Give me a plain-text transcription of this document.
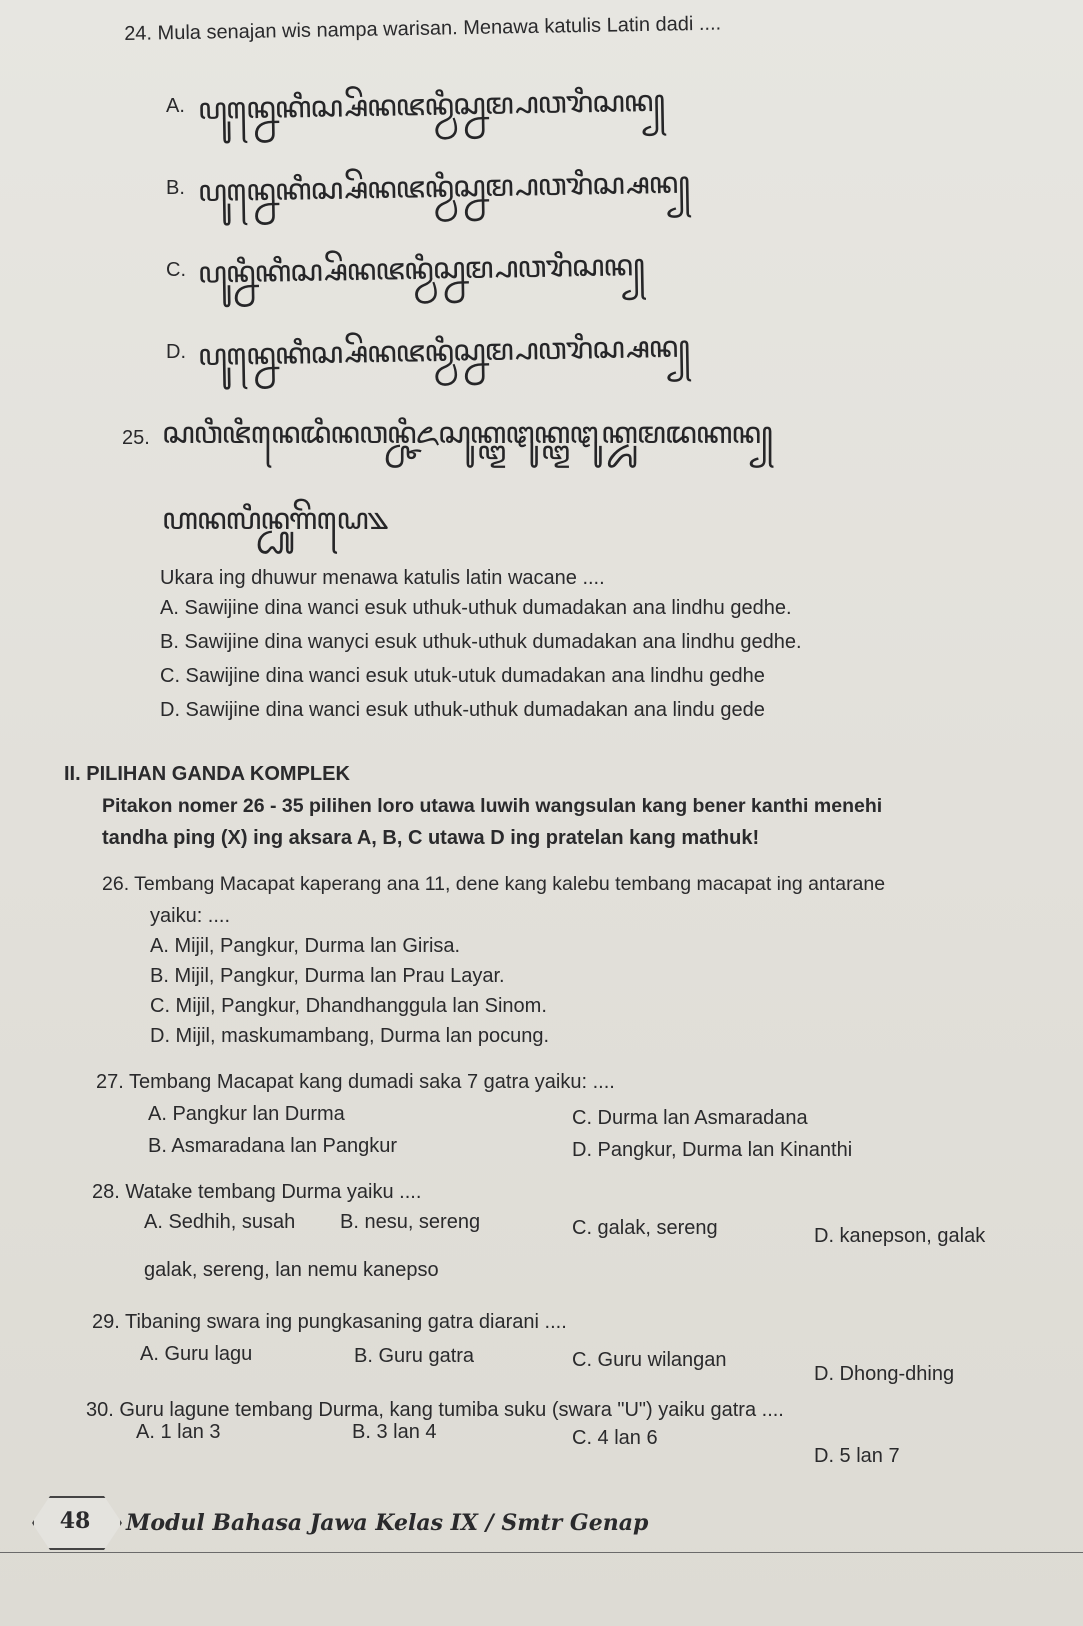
24. Mula senajan wis nampa warisan. Menawa katulis Latin dadi ....
A. ꦥꦸꦤ꧀ꦤꦺꦏꦶꦱ꧀ꦱꦼꦤꦗꦤ꧀ꦮꦶꦱ꧀ꦤꦩ꧀ꦥꦮꦫꦶꦱꦤ꧀
B. ꦥꦸꦤ꧀ꦤꦺꦏꦶꦱ꧀ꦱꦼꦤꦗꦤ꧀ꦮꦶꦱ꧀ꦤꦩ꧀ꦥꦮꦫꦶꦱ꧀ꦱꦤ꧀
C. ꦥꦸꦤ꧀ꦤꦶꦏꦶꦱ꧀ꦱꦼꦤꦗꦤ꧀ꦮꦶꦱ꧀ꦤꦩ꧀ꦥꦮꦫꦶꦱꦤ꧀
D. ꦥꦸꦤ꧀ꦤꦺꦏꦶꦱ꧀ꦱꦼꦤꦗꦤ꧀ꦮꦶꦱ꧀ꦤꦩ꧀ꦥꦮꦫꦶꦱ꧀ꦱꦤ꧀
25. ꦱꦮꦶꦗꦶꦤꦺꦢꦶꦤꦮꦤ꧀ꦕꦶꦌꦱꦸꦏ꧀ꦈꦛꦸꦏ꧀ꦈꦛꦸꦏ꧀ꦢꦸꦩꦢꦏꦤ꧀
ꦲꦤꦭꦶꦤ꧀ꦝꦸꦒꦼꦝꦺ꧉
Ukara ing dhuwur menawa katulis latin wacane ....
A. Sawijine dina wanci esuk uthuk-uthuk dumadakan ana lindhu gedhe.
B. Sawijine dina wanyci esuk uthuk-uthuk dumadakan ana lindhu gedhe.
C. Sawijine dina wanci esuk utuk-utuk dumadakan ana lindhu gedhe
D. Sawijine dina wanci esuk uthuk-uthuk dumadakan ana lindu gede
II. PILIHAN GANDA KOMPLEK
Pitakon nomer 26 - 35 pilihen loro utawa luwih wangsulan kang bener kanthi menehi
tandha ping (X) ing aksara A, B, C utawa D ing pratelan kang mathuk!
26. Tembang Macapat kaperang ana 11, dene kang kalebu tembang macapat ing antarane
yaiku: ....
A. Mijil, Pangkur, Durma lan Girisa.
B. Mijil, Pangkur, Durma lan Prau Layar.
C. Mijil, Pangkur, Dhandhanggula lan Sinom.
D. Mijil, maskumambang, Durma lan pocung.
27. Tembang Macapat kang dumadi saka 7 gatra yaiku: ....
A. Pangkur lan Durma	C. Durma lan Asmaradana
B. Asmaradana lan Pangkur	D. Pangkur, Durma lan Kinanthi
28. Watake tembang Durma yaiku ....
A. Sedhih, susah B. nesu, sereng	C. galak, sereng	D. kanepson, galak
galak, sereng, lan nemu kanepso
29. Tibaning swara ing pungkasaning gatra diarani ....
A. Guru lagu	B. Guru gatra	C. Guru wilangan
D. Dhong-dhing
30. Guru lagune tembang Durma, kang tumiba suku (swara "U") yaiku gatra ....
A. 1 lan 3	B. 3 lan 4	C. 4 lan 6
D. 5 lan 7
48	Modul Bahasa Jawa Kelas IX / Smtr Genap
